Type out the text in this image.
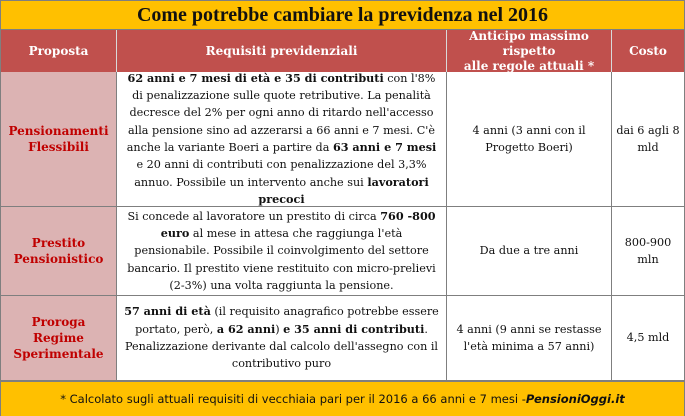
Come potrebbe cambiare la previdenza nel 2016
Proposta	Requisiti previdenziali
Anticipo massimo rispetto
alle regole attuali *
Costo
Pensionamenti
Flessibili

62 anni e 7 mesi di età e 35 di contributi con l'8% di penalizzazione sulle quote retributive. La penalità decresce del 2% per ogni anno di ritardo nell'accesso alla pensione sino ad azzerarsi a 66 anni e 7 mesi. C'è anche la variante Boeri a partire da 63 anni e 7 mesi e 20 anni di contributi con penalizzazione del 3,3% annuo. Possibile un intervento anche sui lavoratori precoci

4 anni (3 anni con il
Progetto Boeri)
dai 6 agli 8
mld
Prestito
Pensionistico

Si concede al lavoratore un prestito di circa 760 -800 euro al mese in attesa che raggiunga l'età pensionabile. Possibile il coinvolgimento del settore bancario. Il prestito viene restituito con micro-prelievi (2-3%) una volta raggiunta la pensione.

Da due a tre anni
800-900
mln
Proroga Regime
Sperimentale

57 anni di età (il requisito anagrafico potrebbe essere portato, però, a 62 anni) e 35 anni di contributi. Penalizzazione derivante dal calcolo dell'assegno con il contributivo puro

4 anni (9 anni se restasse
l'età minima a 57 anni)
4,5 mld
* Calcolato sugli attuali requisiti di vecchiaia pari per il 2016 a 66 anni e 7 mesi - PensioniOggi.it
